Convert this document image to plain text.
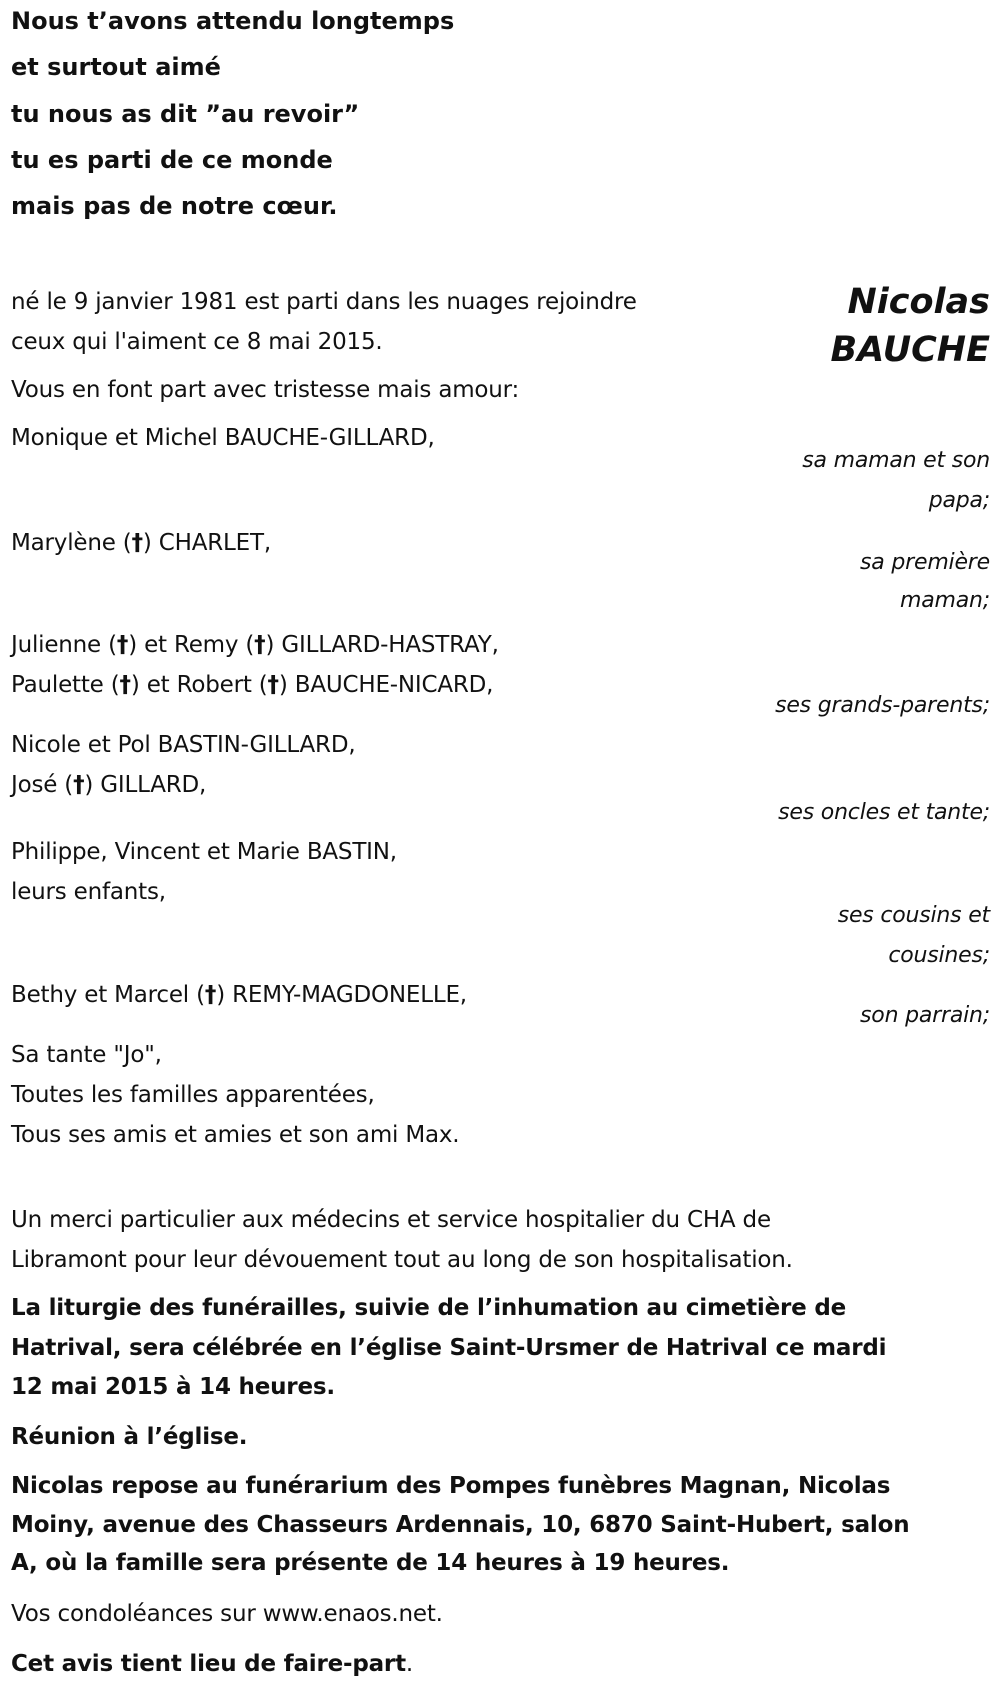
Nous t’avons attendu longtemps
et surtout aimé
tu nous as dit ”au revoir”
tu es parti de ce monde
mais pas de notre cœur.
Nicolas
BAUCHE
né le 9 janvier 1981 est parti dans les nuages rejoindre
ceux qui l'aiment ce 8 mai 2015.
Vous en font part avec tristesse mais amour:
Monique et Michel BAUCHE-GILLARD,
sa maman et son
papa;
Marylène (†) CHARLET,
sa première
maman;
Julienne (†) et Remy (†) GILLARD-HASTRAY,
Paulette (†) et Robert (†) BAUCHE-NICARD,
ses grands-parents;
Nicole et Pol BASTIN-GILLARD,
José (†) GILLARD,
ses oncles et tante;
Philippe, Vincent et Marie BASTIN,
leurs enfants,
ses cousins et
cousines;
Bethy et Marcel (†) REMY-MAGDONELLE,
son parrain;
Sa tante "Jo",
Toutes les familles apparentées,
Tous ses amis et amies et son ami Max.
Un merci particulier aux médecins et service hospitalier du CHA de
Libramont pour leur dévouement tout au long de son hospitalisation.
La liturgie des funérailles, suivie de l’inhumation au cimetière de
Hatrival, sera célébrée en l’église Saint-Ursmer de Hatrival ce mardi
12 mai 2015 à 14 heures.
Réunion à l’église.
Nicolas repose au funérarium des Pompes funèbres Magnan, Nicolas
Moiny, avenue des Chasseurs Ardennais, 10, 6870 Saint-Hubert, salon
A, où la famille sera présente de 14 heures à 19 heures.
Vos condoléances sur www.enaos.net.
Cet avis tient lieu de faire-part.
